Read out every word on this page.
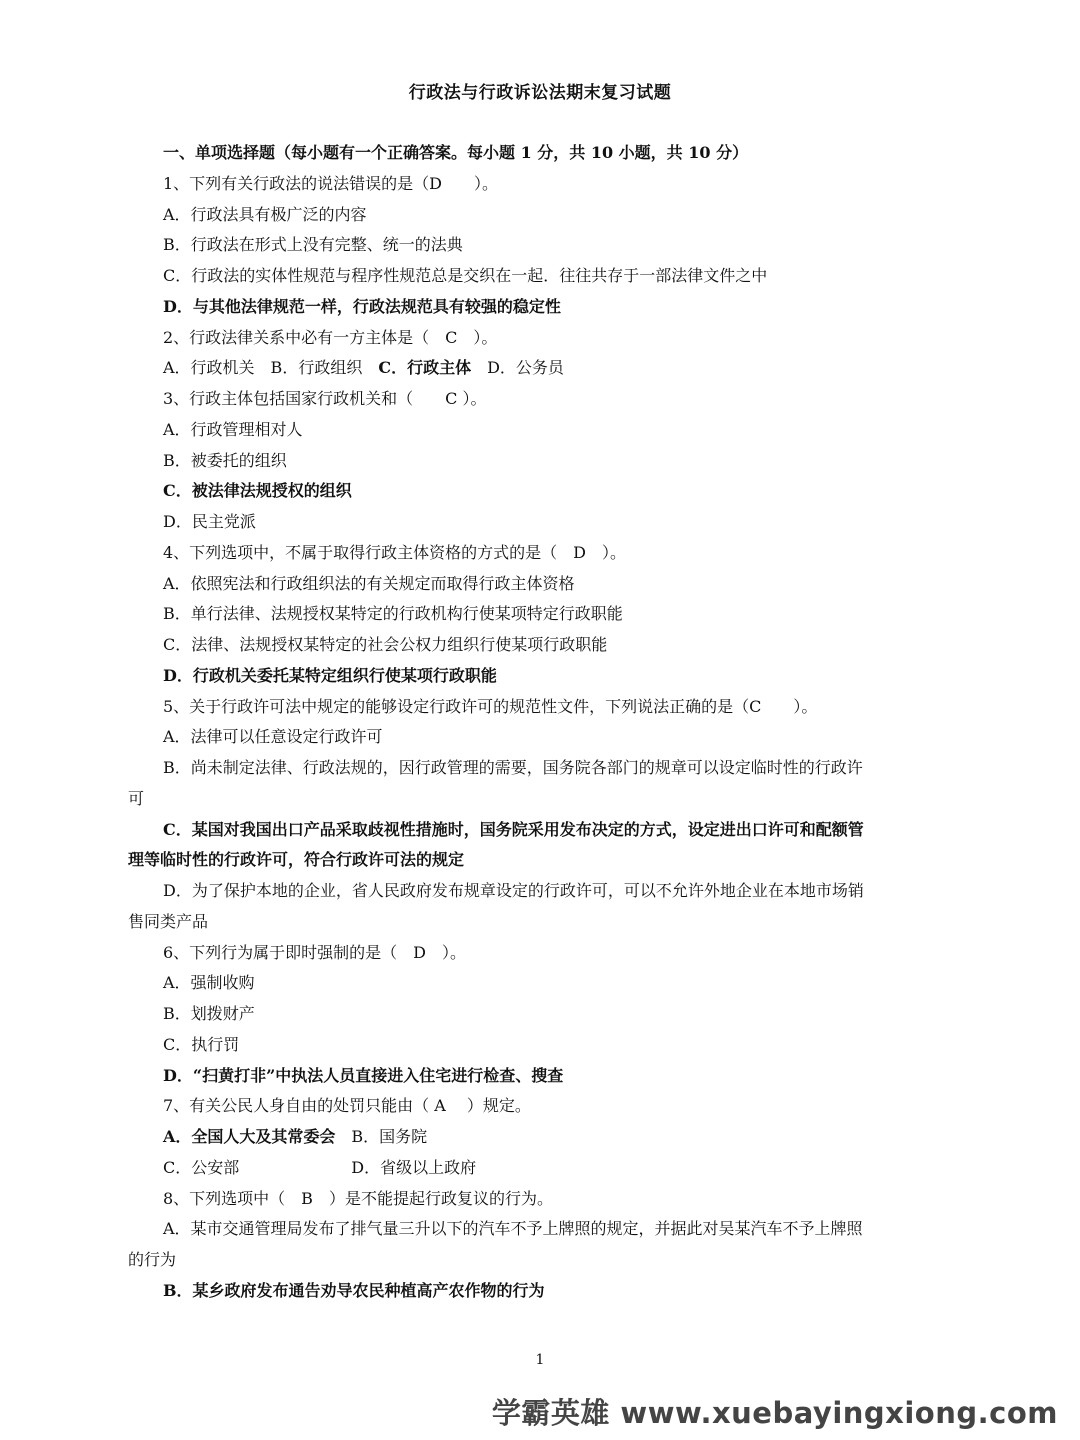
行政法与行政诉讼法期末复习试题
一、单项选择题（每小题有一个正确答案。每小题 1 分，共 10 小题，共 10 分）
1、下列有关行政法的说法错误的是（D　　）。
A．行政法具有极广泛的内容
B．行政法在形式上没有完整、统一的法典
C．行政法的实体性规范与程序性规范总是交织在一起．往往共存于一部法律文件之中
D．与其他法律规范一样，行政法规范具有较强的稳定性
2、行政法律关系中必有一方主体是（　C　）。
A．行政机关　B．行政组织　C．行政主体　D．公务员
3、行政主体包括国家行政机关和（　　C ）。
A．行政管理相对人
B．被委托的组织
C．被法律法规授权的组织
D．民主党派
4、下列选项中，不属于取得行政主体资格的方式的是（　D　）。
A．依照宪法和行政组织法的有关规定而取得行政主体资格
B．单行法律、法规授权某特定的行政机构行使某项特定行政职能
C．法律、法规授权某特定的社会公权力组织行使某项行政职能
D．行政机关委托某特定组织行使某项行政职能
5、关于行政许可法中规定的能够设定行政许可的规范性文件，下列说法正确的是（C　　）。
A．法律可以任意设定行政许可
B．尚未制定法律、行政法规的，因行政管理的需要，国务院各部门的规章可以设定临时性的行政许
可
C．某国对我国出口产品采取歧视性措施时，国务院采用发布决定的方式，设定进出口许可和配额管
理等临时性的行政许可，符合行政许可法的规定
D．为了保护本地的企业，省人民政府发布规章设定的行政许可，可以不允许外地企业在本地市场销
售同类产品
6、下列行为属于即时强制的是（　D　）。
A．强制收购
B．划拨财产
C．执行罚
D．“扫黄打非”中执法人员直接进入住宅进行检查、搜查
7、有关公民人身自由的处罚只能由（ A　 ）规定。
A．全国人大及其常委会　B．国务院
C．公安部　　　　　　　D．省级以上政府
8、下列选项中（　B　）是不能提起行政复议的行为。
A．某市交通管理局发布了排气量三升以下的汽车不予上牌照的规定，并据此对吴某汽车不予上牌照
的行为
B．某乡政府发布通告劝导农民种植高产农作物的行为
1
学霸英雄 www.xuebayingxiong.com
